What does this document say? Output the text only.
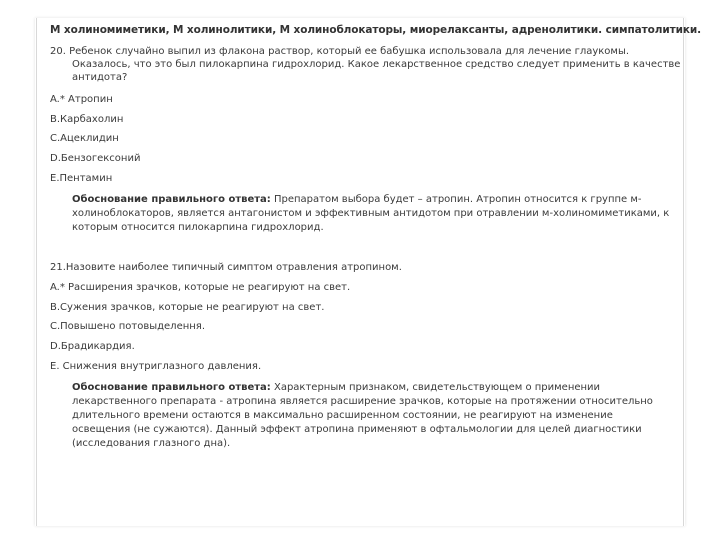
М холиномиметики, М холинолитики, М холиноблокаторы, миорелаксанты, адренолитики. симпатолитики.
20. Ребенок случайно выпил из флакона раствор, который ее бабушка использовала для лечение глаукомы. Оказалось, что это был пилокарпина гидрохлорид. Какое лекарственное средство следует применить в качестве антидота?
A.* Атропин
B.Карбахолин
C.Ацеклидин
D.Бензогексоний
E.Пентамин
Обоснование правильного ответа: Препаратом выбора будет – атропин. Атропин относится к группе м-холиноблокаторов, является антагонистом и эффективным антидотом при отравлении м-холиномиметиками, к которым относится пилокарпина гидрохлорид.
21.Назовите наиболее типичный симптом отравления атропином.
A.* Расширения зрачков, которые не реагируют на свет.
B.Сужения зрачков, которые не реагируют на свет.
C.Повышено потовыделення.
D.Брадикардия.
E. Снижения внутриглазного давления.
Обоснование правильного ответа: Характерным признаком, свидетельствующем о применении лекарственного препарата - атропина является расширение зрачков, которые на протяжении относительно длительного времени остаются в максимально расширенном состоянии, не реагируют на изменение освещения (не сужаются). Данный эффект атропина применяют в офтальмологии для целей диагностики (исследования глазного дна).
